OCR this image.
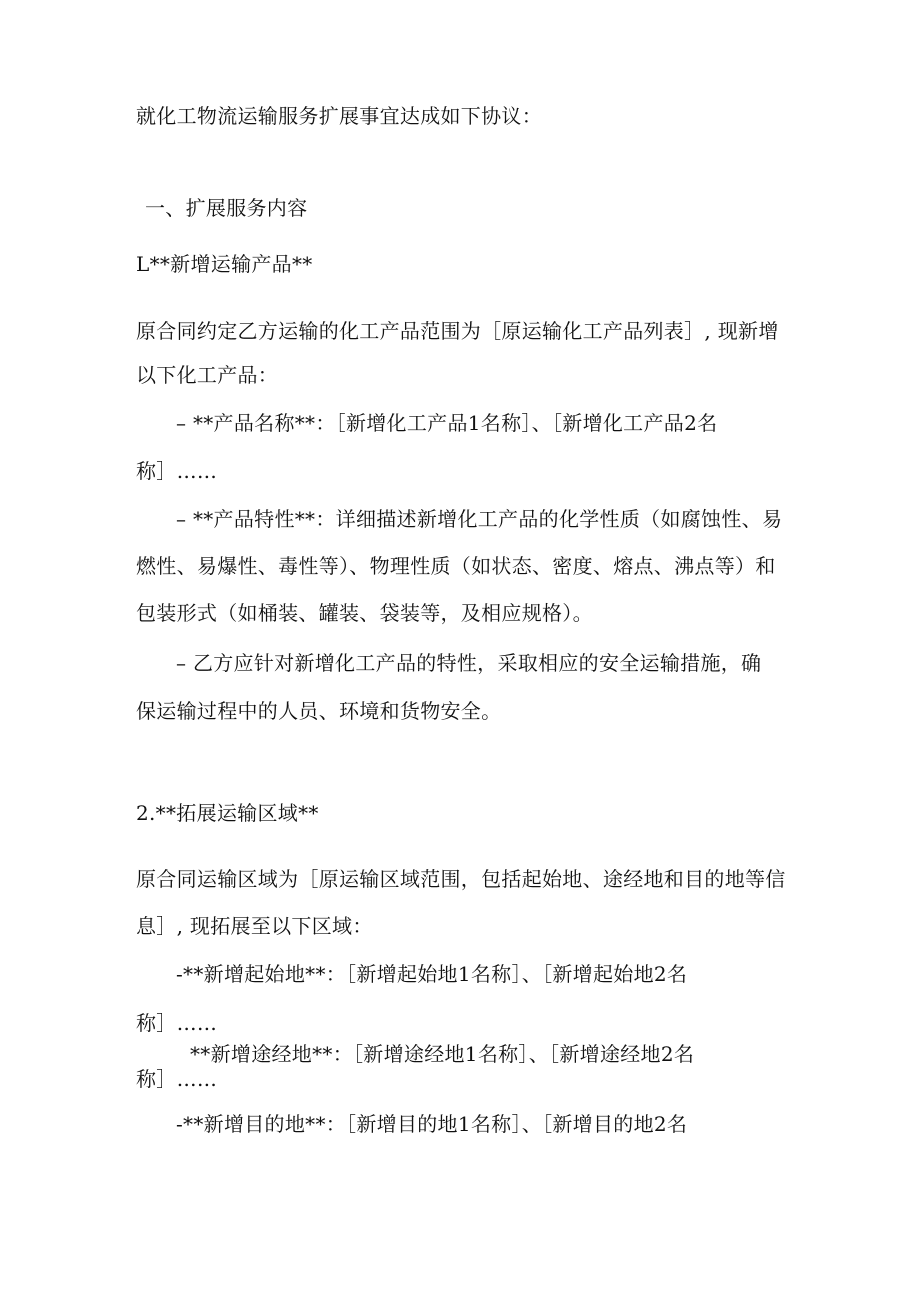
就化工物流运输服务扩展事宜达成如下协议：
一、扩展服务内容
L**新增运输产品**
原合同约定乙方运输的化工产品范围为［原运输化工产品列表］, 现新增
以下化工产品：
– **产品名称**：［新增化工产品1名称］、［新增化工产品2名
称］……
– **产品特性**：详细描述新增化工产品的化学性质（如腐蚀性、易
燃性、易爆性、毒性等）、物理性质（如状态、密度、熔点、沸点等）和
包装形式（如桶装、罐装、袋装等，及相应规格）。
– 乙方应针对新增化工产品的特性，采取相应的安全运输措施，确
保运输过程中的人员、环境和货物安全。
2.**拓展运输区域**
原合同运输区域为［原运输区域范围，包括起始地、途经地和目的地等信
息］, 现拓展至以下区域：
-**新增起始地**：［新增起始地1名称］、［新增起始地2名
称］……
**新增途经地**：［新增途经地1名称］、［新增途经地2名
称］……
-**新增目的地**：［新增目的地1名称］、［新增目的地2名
